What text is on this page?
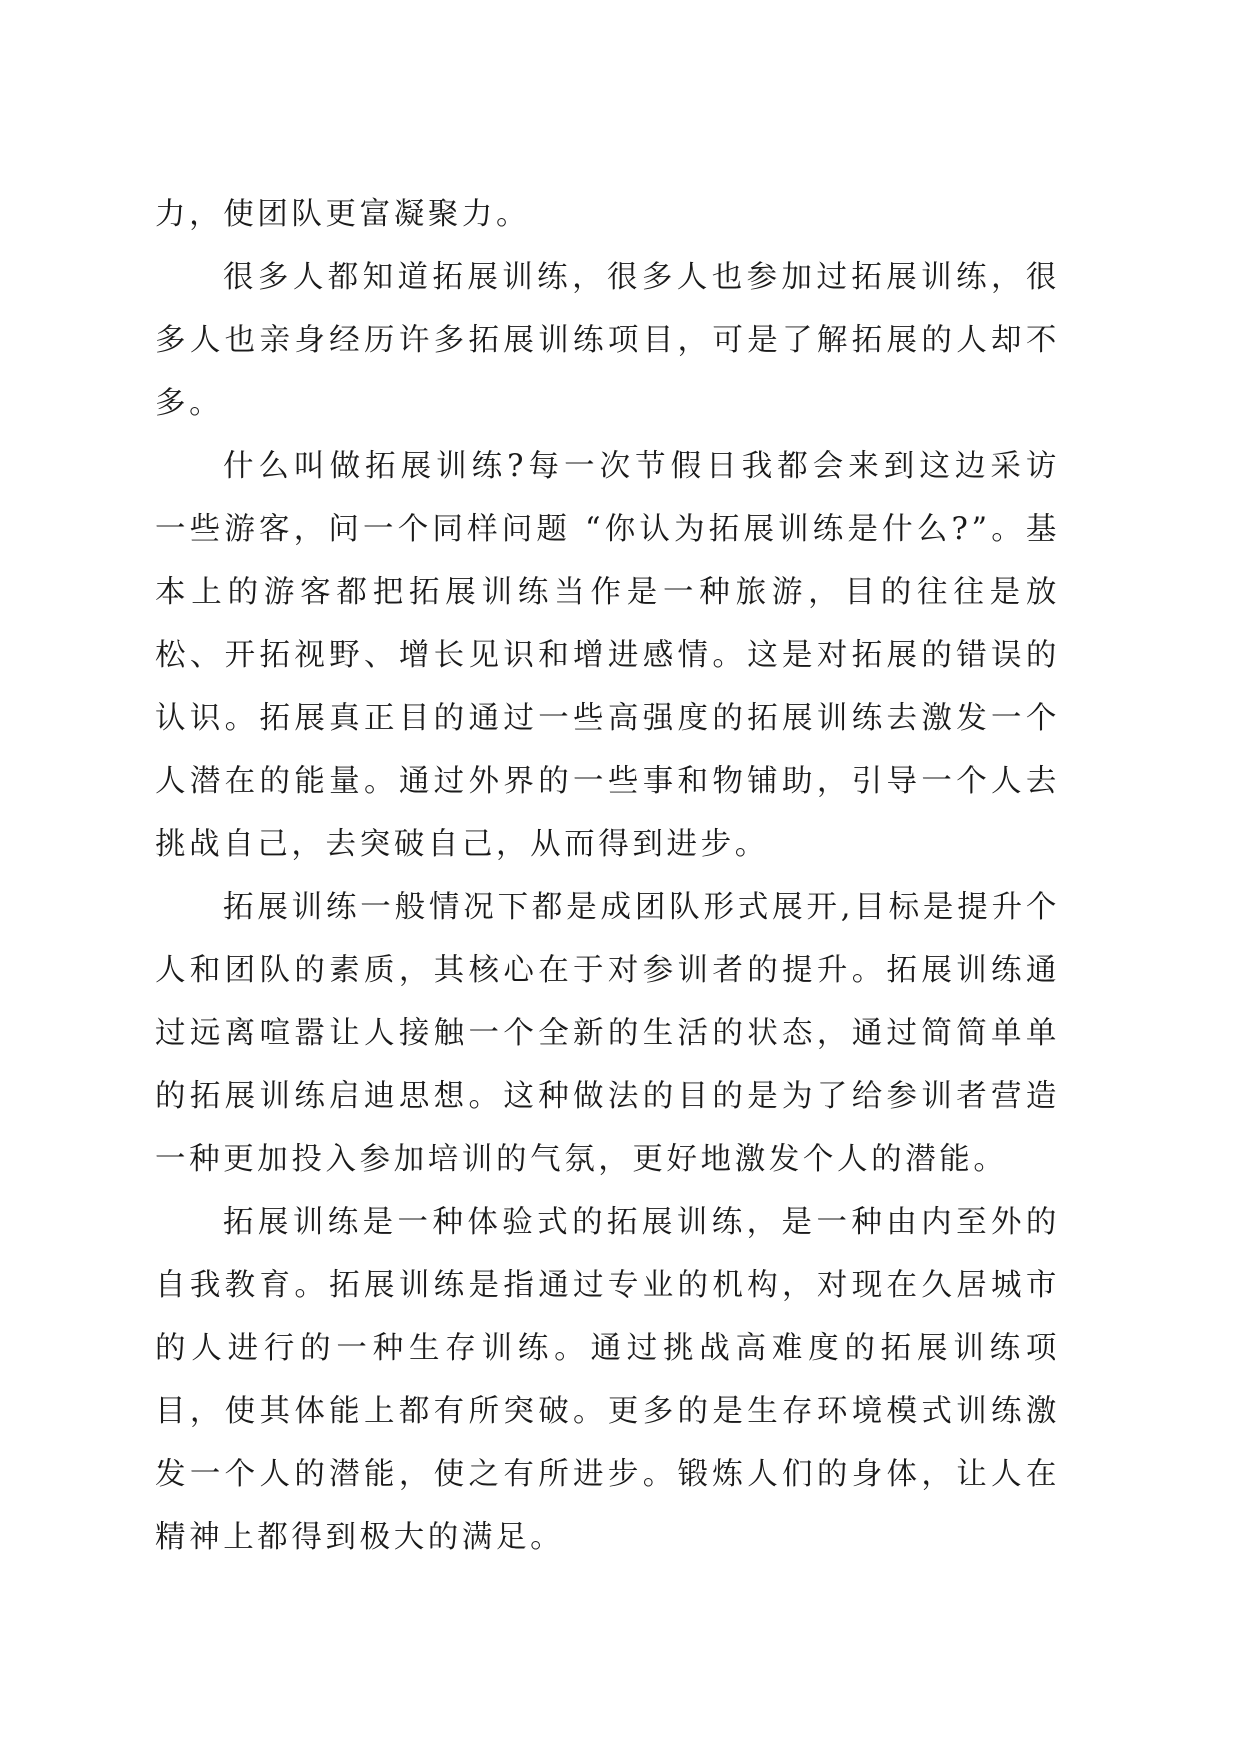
力，使团队更富凝聚力。

很多人都知道拓展训练，很多人也参加过拓展训练，很多人也亲身经历许多拓展训练项目，可是了解拓展的人却不多。

什么叫做拓展训练?每一次节假日我都会来到这边采访一些游客，问一个同样问题 “你认为拓展训练是什么?”。基本上的游客都把拓展训练当作是一种旅游，目的往往是放松、开拓视野、增长见识和增进感情。这是对拓展的错误的认识。拓展真正目的通过一些高强度的拓展训练去激发一个人潜在的能量。通过外界的一些事和物铺助，引导一个人去挑战自己，去突破自己，从而得到进步。

拓展训练一般情况下都是成团队形式展开,目标是提升个人和团队的素质，其核心在于对参训者的提升。拓展训练通过远离喧嚣让人接触一个全新的生活的状态，通过简简单单的拓展训练启迪思想。这种做法的目的是为了给参训者营造一种更加投入参加培训的气氛，更好地激发个人的潜能。

拓展训练是一种体验式的拓展训练，是一种由内至外的自我教育。拓展训练是指通过专业的机构，对现在久居城市的人进行的一种生存训练。通过挑战高难度的拓展训练项目，使其体能上都有所突破。更多的是生存环境模式训练激发一个人的潜能，使之有所进步。锻炼人们的身体，让人在精神上都得到极大的满足。
